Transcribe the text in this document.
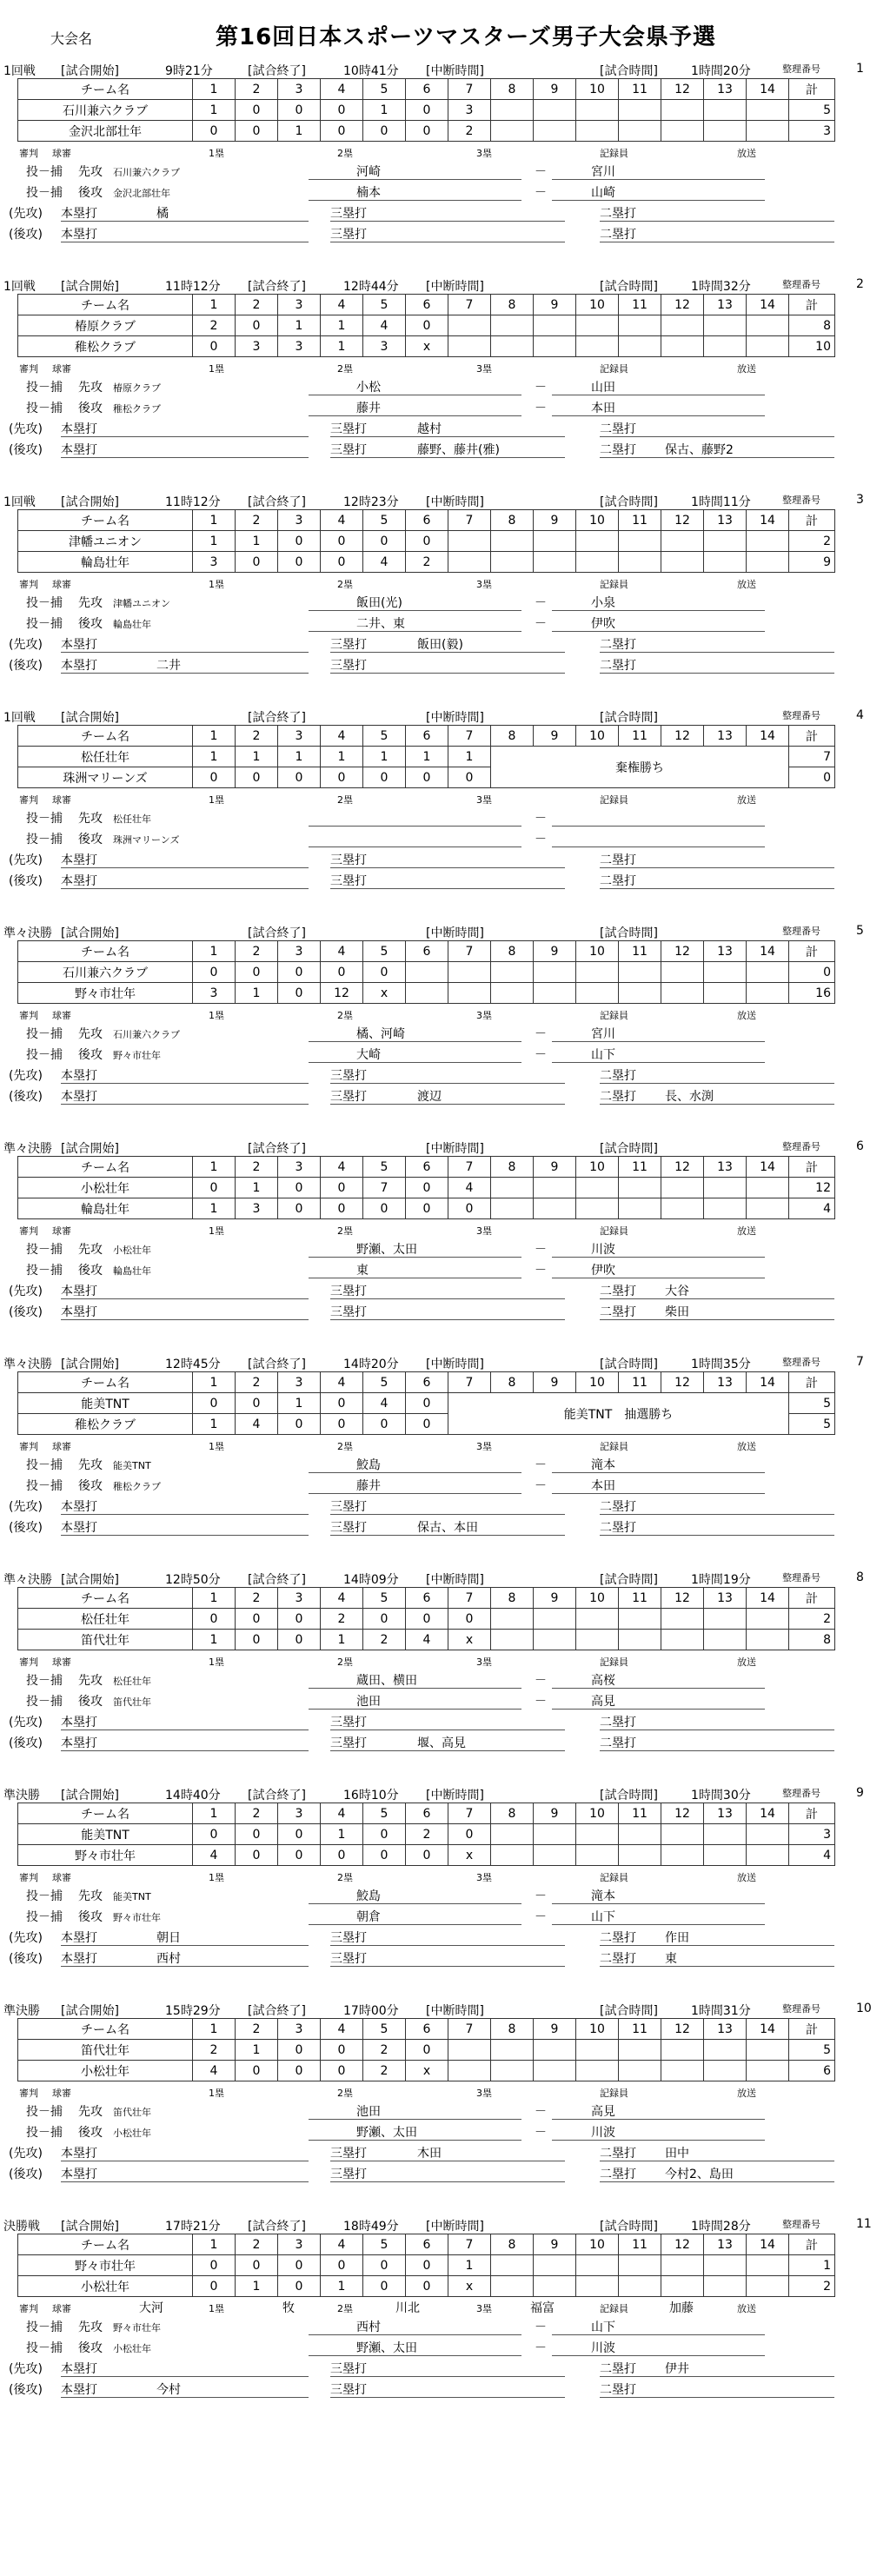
大会名	第16回日本スポーツマスターズ男子大会県予選
1回戦 [試合開始]	9時21分	[試合終了]	10時41分 [中断時間]	[試合時間]	1時間20分	整理番号	1
チーム名	1	2	3	4	5	6	7	8	9	10	11	12	13	14	計
石川兼六クラブ	1	0	0	0	1	0	3								5
金沢北部壮年	0	0	1	0	0	0	2								3
審判 球審	1塁	2塁	3塁	記録員	放送
投－捕 先攻 石川兼六クラブ	河崎	－	宮川
投－捕 後攻 金沢北部壮年	楠本	－	山崎
(先攻) 本塁打	橘	三塁打	二塁打
(後攻) 本塁打	三塁打	二塁打
1回戦 [試合開始]	11時12分 [試合終了]	12時44分 [中断時間]	[試合時間]	1時間32分	整理番号	2
チーム名	1	2	3	4	5	6	7	8	9	10	11	12	13	14	計
椿原クラブ	2	0	1	1	4	0									8
稚松クラブ	0	3	3	1	3	x									10
審判 球審	1塁	2塁	3塁	記録員	放送
投－捕 先攻 椿原クラブ	小松	－	山田
投－捕 後攻 稚松クラブ	藤井	－	本田
(先攻) 本塁打	三塁打	越村	二塁打
(後攻) 本塁打	三塁打	藤野、藤井(雅)	二塁打 保古、藤野2
1回戦 [試合開始]	11時12分 [試合終了]	12時23分 [中断時間]	[試合時間]	1時間11分	整理番号	3
チーム名	1	2	3	4	5	6	7	8	9	10	11	12	13	14	計
津幡ユニオン	1	1	0	0	0	0									2
輪島壮年	3	0	0	0	4	2									9
審判 球審	1塁	2塁	3塁	記録員	放送
投－捕 先攻 津幡ユニオン	飯田(光)	－	小泉
投－捕 後攻 輪島壮年	二井、東	－	伊吹
(先攻) 本塁打	三塁打	飯田(毅)	二塁打
(後攻) 本塁打	二井	三塁打	二塁打
1回戦 [試合開始]	[試合終了]	[中断時間]	[試合時間]	整理番号	4
チーム名	1	2	3	4	5	6	7	8	9	10	11	12	13	14	計
松任壮年	1	1	1	1	1	1	1	棄権勝ち							7
珠洲マリーンズ	0	0	0	0	0	0	0								0
審判 球審	1塁	2塁	3塁	記録員	放送
投－捕 先攻 松任壮年	－
投－捕 後攻 珠洲マリーンズ	－
(先攻) 本塁打	三塁打	二塁打
(後攻) 本塁打	三塁打	二塁打
準々決勝 [試合開始]	[試合終了]	[中断時間]	[試合時間]	整理番号	5
チーム名	1	2	3	4	5	6	7	8	9	10	11	12	13	14	計
石川兼六クラブ	0	0	0	0	0										0
野々市壮年	3	1	0	12	x										16
審判 球審	1塁	2塁	3塁	記録員	放送
投－捕 先攻 石川兼六クラブ	橘、河崎	－	宮川
投－捕 後攻 野々市壮年	大崎	－	山下
(先攻) 本塁打	三塁打	二塁打
(後攻) 本塁打	三塁打	渡辺	二塁打 長、水渕
準々決勝 [試合開始]	[試合終了]	[中断時間]	[試合時間]	整理番号	6
チーム名	1	2	3	4	5	6	7	8	9	10	11	12	13	14	計
小松壮年	0	1	0	0	7	0	4								12
輪島壮年	1	3	0	0	0	0	0								4
審判 球審	1塁	2塁	3塁	記録員	放送
投－捕 先攻 小松壮年	野瀬、太田	－	川波
投－捕 後攻 輪島壮年	東	－	伊吹
(先攻) 本塁打	三塁打	二塁打 大谷
(後攻) 本塁打	三塁打	二塁打 柴田
準々決勝 [試合開始]	12時45分 [試合終了]	14時20分 [中断時間]	[試合時間]	1時間35分	整理番号	7
チーム名	1	2	3	4	5	6	7	8	9	10	11	12	13	14	計
能美TNT	0	0	1	0	4	0	能美TNT　抽選勝ち								5
稚松クラブ	1	4	0	0	0	0									5
審判 球審	1塁	2塁	3塁	記録員	放送
投－捕 先攻 能美TNT	鮫島	－	滝本
投－捕 後攻 稚松クラブ	藤井	－	本田
(先攻) 本塁打	三塁打	二塁打
(後攻) 本塁打	三塁打	保古、本田	二塁打
準々決勝 [試合開始]	12時50分 [試合終了]	14時09分 [中断時間]	[試合時間]	1時間19分	整理番号	8
チーム名	1	2	3	4	5	6	7	8	9	10	11	12	13	14	計
松任壮年	0	0	0	2	0	0	0								2
笛代壮年	1	0	0	1	2	4	x								8
審判 球審	1塁	2塁	3塁	記録員	放送
投－捕 先攻 松任壮年	蔵田、横田	－	高桜
投－捕 後攻 笛代壮年	池田	－	高見
(先攻) 本塁打	三塁打	二塁打
(後攻) 本塁打	三塁打	堰、高見	二塁打
準決勝 [試合開始]	14時40分 [試合終了]	16時10分 [中断時間]	[試合時間]	1時間30分	整理番号	9
チーム名	1	2	3	4	5	6	7	8	9	10	11	12	13	14	計
能美TNT	0	0	0	1	0	2	0								3
野々市壮年	4	0	0	0	0	0	x								4
審判 球審	1塁	2塁	3塁	記録員	放送
投－捕 先攻 能美TNT	鮫島	－	滝本
投－捕 後攻 野々市壮年	朝倉	－	山下
(先攻) 本塁打	朝日	三塁打	二塁打 作田
(後攻) 本塁打	西村	三塁打	二塁打 東
準決勝 [試合開始]	15時29分 [試合終了]	17時00分 [中断時間]	[試合時間]	1時間31分	整理番号	10
チーム名	1	2	3	4	5	6	7	8	9	10	11	12	13	14	計
笛代壮年	2	1	0	0	2	0									5
小松壮年	4	0	0	0	2	x									6
審判 球審	1塁	2塁	3塁	記録員	放送
投－捕 先攻 笛代壮年	池田	－	高見
投－捕 後攻 小松壮年	野瀬、太田	－	川波
(先攻) 本塁打	三塁打	木田	二塁打 田中
(後攻) 本塁打	三塁打	二塁打 今村2、島田
決勝戦 [試合開始]	17時21分 [試合終了]	18時49分 [中断時間]	[試合時間]	1時間28分	整理番号	11
チーム名	1	2	3	4	5	6	7	8	9	10	11	12	13	14	計
野々市壮年	0	0	0	0	0	0	1								1
小松壮年	0	1	0	1	0	0	x								2
審判 球審	大河	1塁	牧	2塁	川北	3塁	福富	記録員	加藤	放送
投－捕 先攻 野々市壮年	西村	－	山下
投－捕 後攻 小松壮年	野瀬、太田	－	川波
(先攻) 本塁打	三塁打	二塁打 伊井
(後攻) 本塁打	今村	三塁打	二塁打
